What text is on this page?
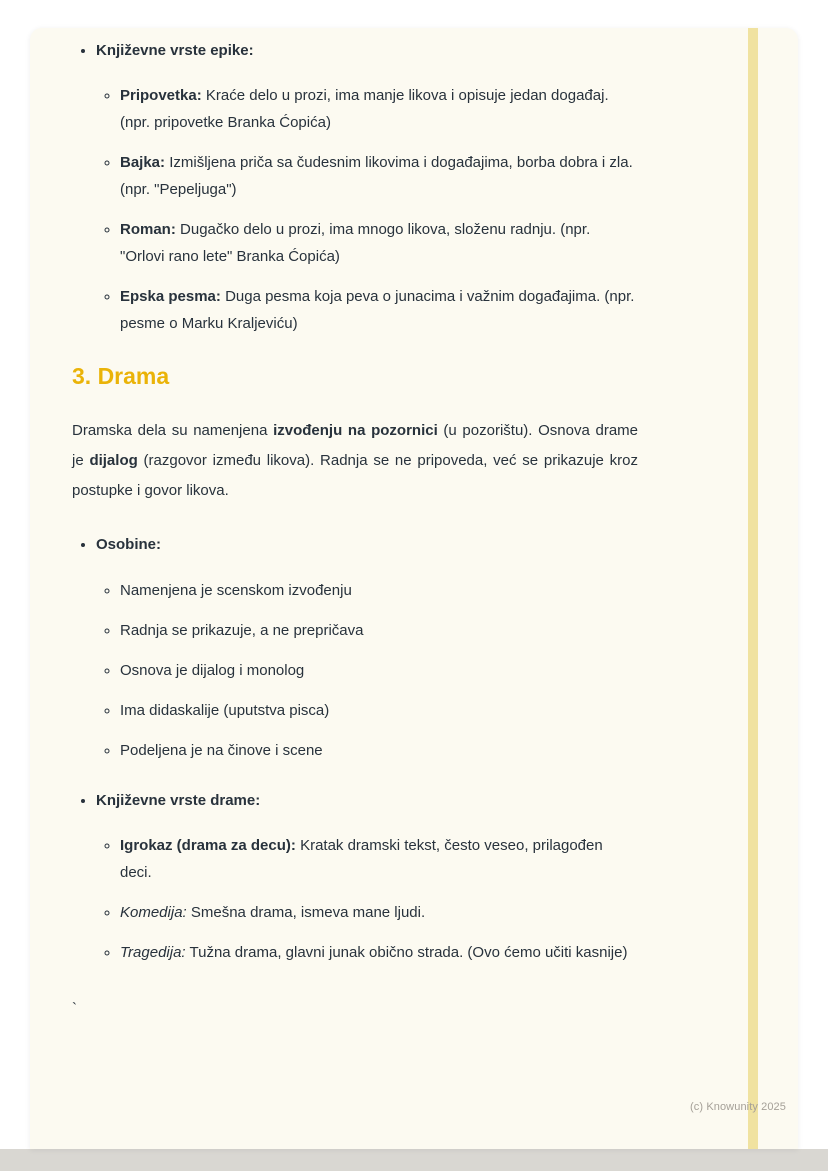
• Književne vrste epike:
◦ Pripovetka: Kraće delo u prozi, ima manje likova i opisuje jedan događaj. (npr. pripovetke Branka Ćopića)
◦ Bajka: Izmišljena priča sa čudesnim likovima i događajima, borba dobra i zla. (npr. "Pepeljuga")
◦ Roman: Dugačko delo u prozi, ima mnogo likova, složenu radnju. (npr. "Orlovi rano lete" Branka Ćopića)
◦ Epska pesma: Duga pesma koja peva o junacima i važnim događajima. (npr. pesme o Marku Kraljeviću)
3. Drama

Dramska dela su namenjena izvođenju na pozornici (u pozorištu). Osnova drame je dijalog (razgovor između likova). Radnja se ne pripoveda, već se prikazuje kroz postupke i govor likova.

• Osobine:
◦ Namenjena je scenskom izvođenju
◦ Radnja se prikazuje, a ne prepričava
◦ Osnova je dijalog i monolog
◦ Ima didaskalije (uputstva pisca)
◦ Podeljena je na činove i scene
• Književne vrste drame:
◦ Igrokaz (drama za decu): Kratak dramski tekst, često veseo, prilagođen deci.
◦ Komedija: Smešna drama, ismeva mane ljudi.
◦ Tragedija: Tužna drama, glavni junak obično strada. (Ovo ćemo učiti kasnije)
`
(c) Knowunity 2025
